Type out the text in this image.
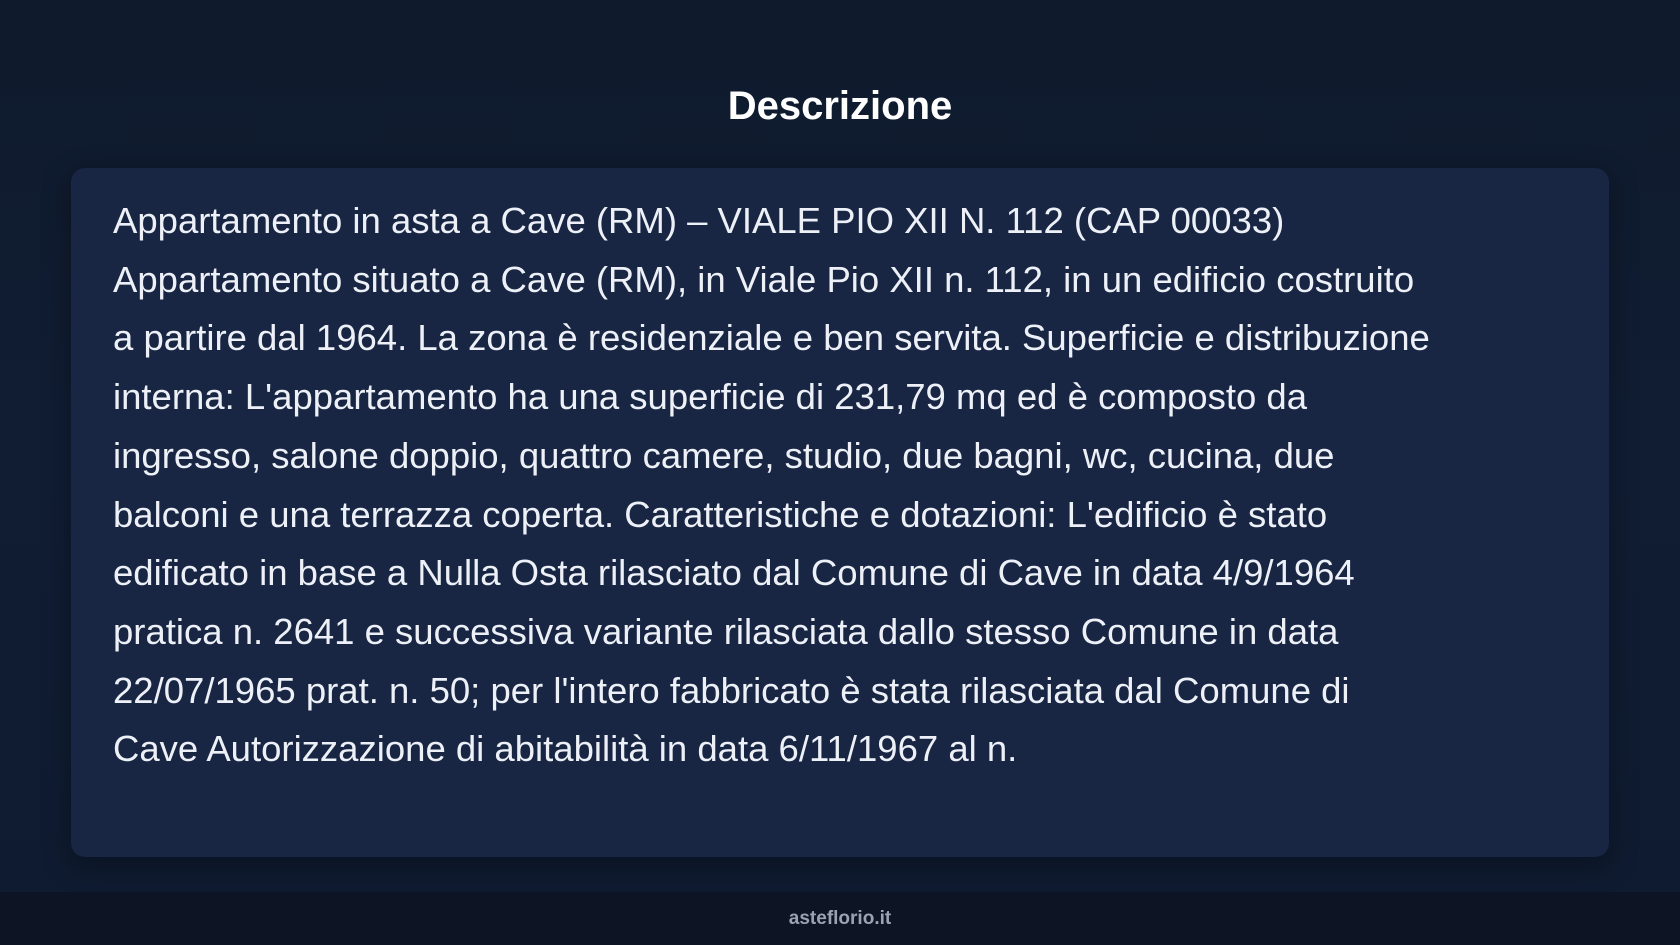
Descrizione

Appartamento in asta a Cave (RM) – VIALE PIO XII N. 112 (CAP 00033)
Appartamento situato a Cave (RM), in Viale Pio XII n. 112, in un edificio costruito
a partire dal 1964. La zona è residenziale e ben servita. Superficie e distribuzione
interna: L'appartamento ha una superficie di 231,79 mq ed è composto da
ingresso, salone doppio, quattro camere, studio, due bagni, wc, cucina, due
balconi e una terrazza coperta. Caratteristiche e dotazioni: L'edificio è stato
edificato in base a Nulla Osta rilasciato dal Comune di Cave in data 4/9/1964
pratica n. 2641 e successiva variante rilasciata dallo stesso Comune in data
22/07/1965 prat. n. 50; per l'intero fabbricato è stata rilasciata dal Comune di
Cave Autorizzazione di abitabilità in data 6/11/1967 al n.

asteflorio.it
